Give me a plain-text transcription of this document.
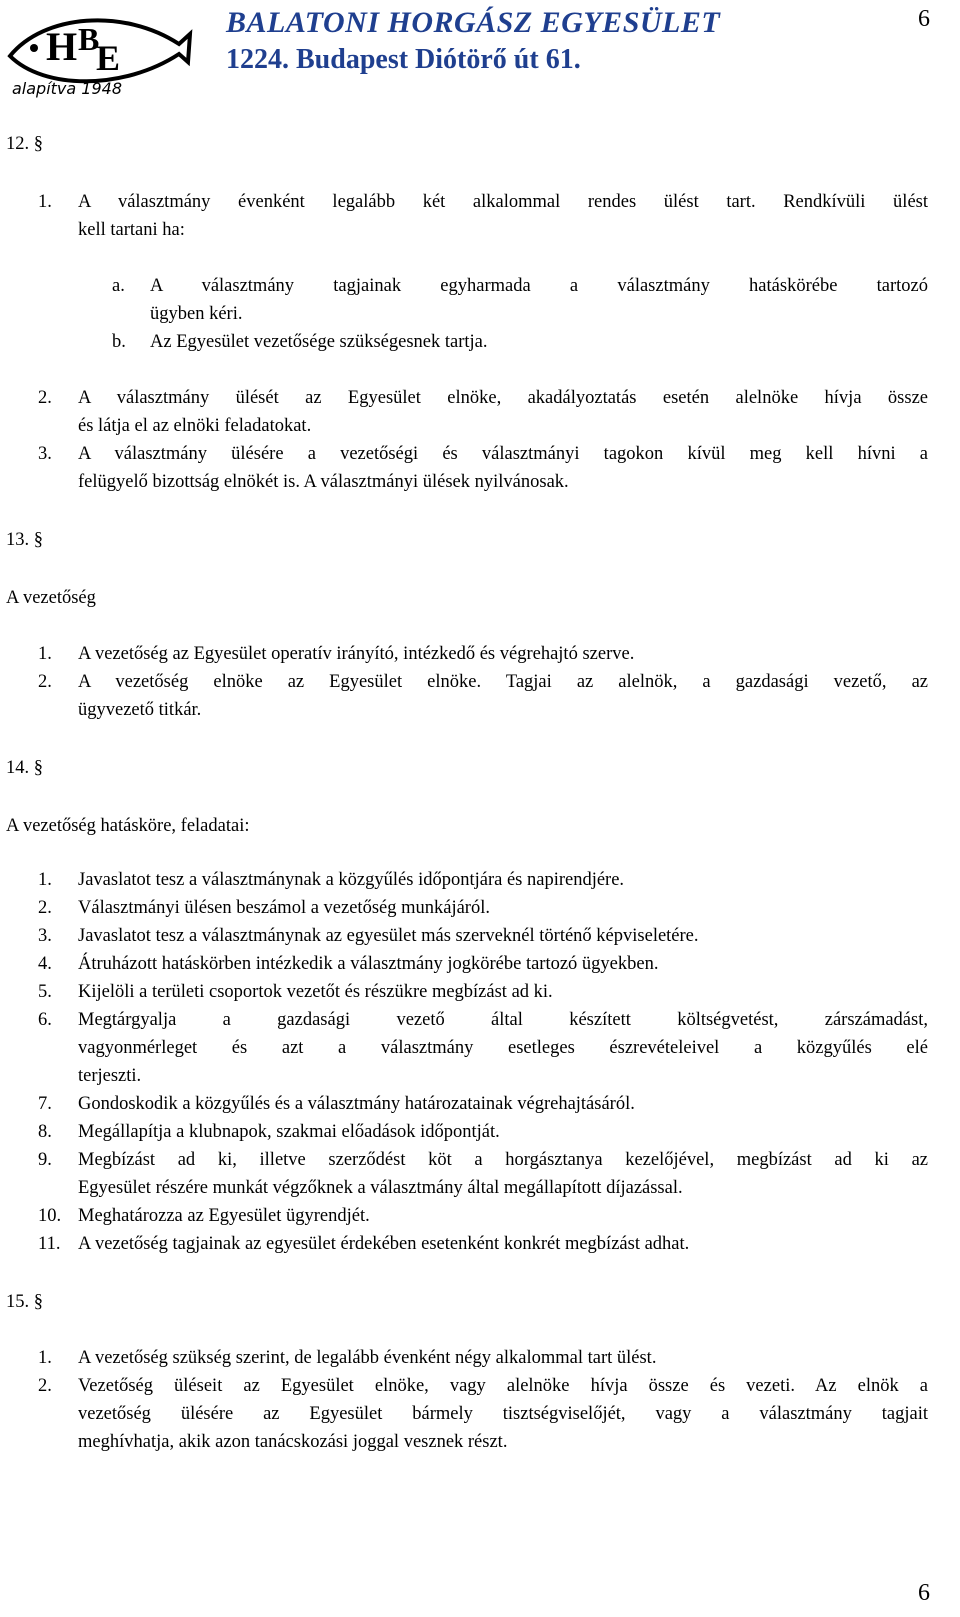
H B
E
alapítva 1948
BALATONI HORGÁSZ EGYESÜLET
1224. Budapest Diótörő út 61.
6
12. §
1. A választmány évenként legalább két alkalommal rendes ülést tart. Rendkívüli ülést
kell tartani ha:
a. A választmány tagjainak egyharmada a választmány hatáskörébe tartozó
ügyben kéri.
b. Az Egyesület vezetősége szükségesnek tartja.
2. A választmány ülését az Egyesület elnöke, akadályoztatás esetén alelnöke hívja össze
és látja el az elnöki feladatokat.
3. A választmány ülésére a vezetőségi és választmányi tagokon kívül meg kell hívni a
felügyelő bizottság elnökét is. A választmányi ülések nyilvánosak.
13. §
A vezetőség
1. A vezetőség az Egyesület operatív irányító, intézkedő és végrehajtó szerve.
2. A vezetőség elnöke az Egyesület elnöke. Tagjai az alelnök, a gazdasági vezető, az
ügyvezető titkár.
14. §
A vezetőség hatásköre, feladatai:
1. Javaslatot tesz a választmánynak a közgyűlés időpontjára és napirendjére.
2. Választmányi ülésen beszámol a vezetőség munkájáról.
3. Javaslatot tesz a választmánynak az egyesület más szerveknél történő képviseletére.
4. Átruházott hatáskörben intézkedik a választmány jogkörébe tartozó ügyekben.
5. Kijelöli a területi csoportok vezetőt és részükre megbízást ad ki.
6. Megtárgyalja a gazdasági vezető által készített költségvetést, zárszámadást,
vagyonmérleget és azt a választmány esetleges észrevételeivel a közgyűlés elé
terjeszti.
7. Gondoskodik a közgyűlés és a választmány határozatainak végrehajtásáról.
8. Megállapítja a klubnapok, szakmai előadások időpontját.
9. Megbízást ad ki, illetve szerződést köt a horgásztanya kezelőjével, megbízást ad ki az
Egyesület részére munkát végzőknek a választmány által megállapított díjazással.
10. Meghatározza az Egyesület ügyrendjét.
11. A vezetőség tagjainak az egyesület érdekében esetenként konkrét megbízást adhat.
15. §
1. A vezetőség szükség szerint, de legalább évenként négy alkalommal tart ülést.
2. Vezetőség üléseit az Egyesület elnöke, vagy alelnöke hívja össze és vezeti. Az elnök a
vezetőség ülésére az Egyesület bármely tisztségviselőjét, vagy a választmány tagjait
meghívhatja, akik azon tanácskozási joggal vesznek részt.
6
